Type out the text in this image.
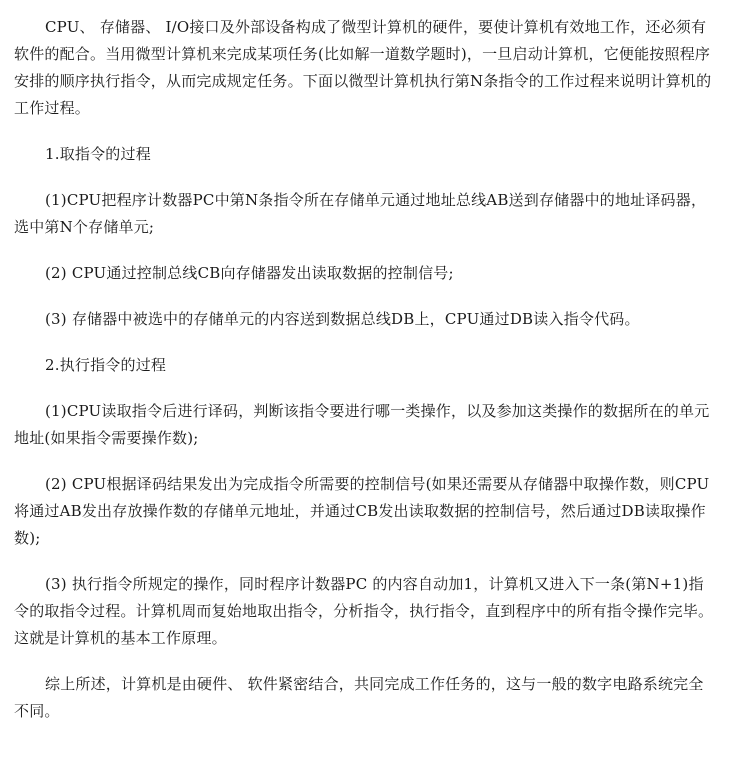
CPU、 存储器、 I/O接口及外部设备构成了微型计算机的硬件，要使计算机有效地工作，还必须有软件的配合。当用微型计算机来完成某项任务(比如解一道数学题时)，一旦启动计算机，它便能按照程序安排的顺序执行指令，从而完成规定任务。下面以微型计算机执行第N条指令的工作过程来说明计算机的工作过程。

1.取指令的过程

(1)CPU把程序计数器PC中第N条指令所在存储单元通过地址总线AB送到存储器中的地址译码器，选中第N个存储单元;

(2) CPU通过控制总线CB向存储器发出读取数据的控制信号;

(3) 存储器中被选中的存储单元的内容送到数据总线DB上，CPU通过DB读入指令代码。

2.执行指令的过程

(1)CPU读取指令后进行译码，判断该指令要进行哪一类操作，以及参加这类操作的数据所在的单元地址(如果指令需要操作数);

(2) CPU根据译码结果发出为完成指令所需要的控制信号(如果还需要从存储器中取操作数，则CPU将通过AB发出存放操作数的存储单元地址，并通过CB发出读取数据的控制信号，然后通过DB读取操作数);

(3) 执行指令所规定的操作，同时程序计数器PC 的内容自动加1，计算机又进入下一条(第N+1)指令的取指令过程。计算机周而复始地取出指令，分析指令，执行指令，直到程序中的所有指令操作完毕。这就是计算机的基本工作原理。

综上所述，计算机是由硬件、 软件紧密结合，共同完成工作任务的，这与一般的数字电路系统完全不同。
